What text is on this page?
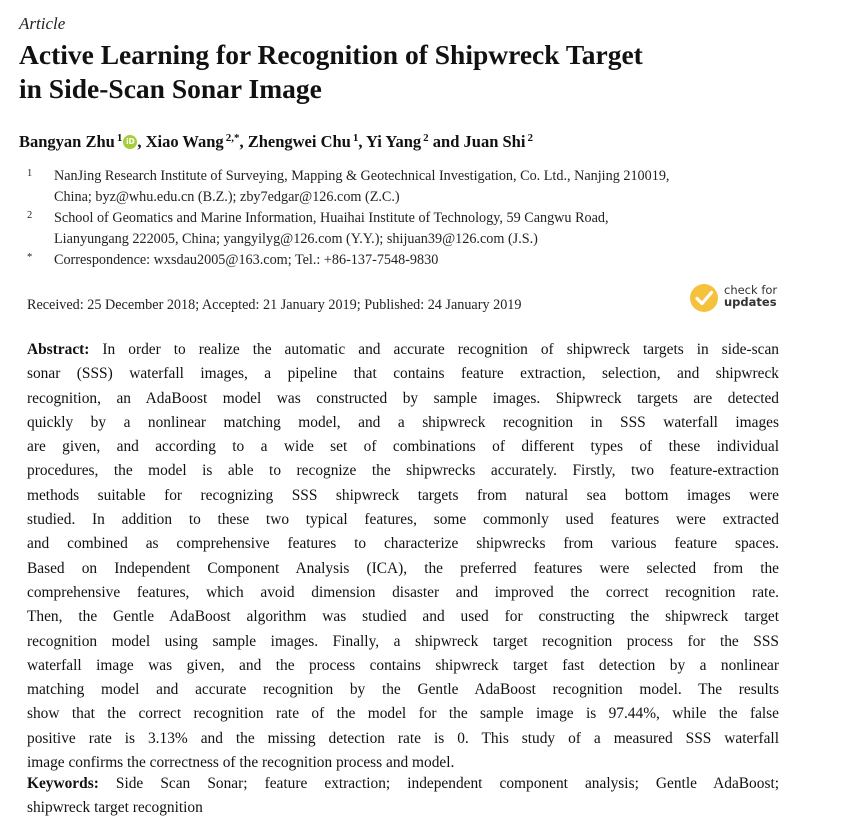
Article
Active Learning for Recognition of Shipwreck Target
in Side-Scan Sonar Image
Bangyan Zhu $^1$ iD , Xiao Wang $^{2,*}$, Zhengwei Chu $^1$, Yi Yang $^2$ and Juan Shi $^2$
1 NanJing Research Institute of Surveying, Mapping & Geotechnical Investigation, Co. Ltd., Nanjing 210019,
China; byz@whu.edu.cn (B.Z.); zby7edgar@126.com (Z.C.)
2 School of Geomatics and Marine Information, Huaihai Institute of Technology, 59 Cangwu Road,
Lianyungang 222005, China; yangyilyg@126.com (Y.Y.); shijuan39@126.com (J.S.)
* Correspondence: wxsdau2005@163.com; Tel.: +86-137-7548-9830
Received: 25 December 2018; Accepted: 21 January 2019; Published: 24 January 2019
check for
updates
Abstract: In order to realize the automatic and accurate recognition of shipwreck targets in side-scan
sonar (SSS) waterfall images, a pipeline that contains feature extraction, selection, and shipwreck
recognition, an AdaBoost model was constructed by sample images. Shipwreck targets are detected
quickly by a nonlinear matching model, and a shipwreck recognition in SSS waterfall images
are given, and according to a wide set of combinations of different types of these individual
procedures, the model is able to recognize the shipwrecks accurately. Firstly, two feature-extraction
methods suitable for recognizing SSS shipwreck targets from natural sea bottom images were
studied. In addition to these two typical features, some commonly used features were extracted
and combined as comprehensive features to characterize shipwrecks from various feature spaces.
Based on Independent Component Analysis (ICA), the preferred features were selected from the
comprehensive features, which avoid dimension disaster and improved the correct recognition rate.
Then, the Gentle AdaBoost algorithm was studied and used for constructing the shipwreck target
recognition model using sample images. Finally, a shipwreck target recognition process for the SSS
waterfall image was given, and the process contains shipwreck target fast detection by a nonlinear
matching model and accurate recognition by the Gentle AdaBoost recognition model. The results
show that the correct recognition rate of the model for the sample image is 97.44%, while the false
positive rate is 3.13% and the missing detection rate is 0. This study of a measured SSS waterfall
image confirms the correctness of the recognition process and model.
Keywords: Side Scan Sonar; feature extraction; independent component analysis; Gentle AdaBoost;
shipwreck target recognition
